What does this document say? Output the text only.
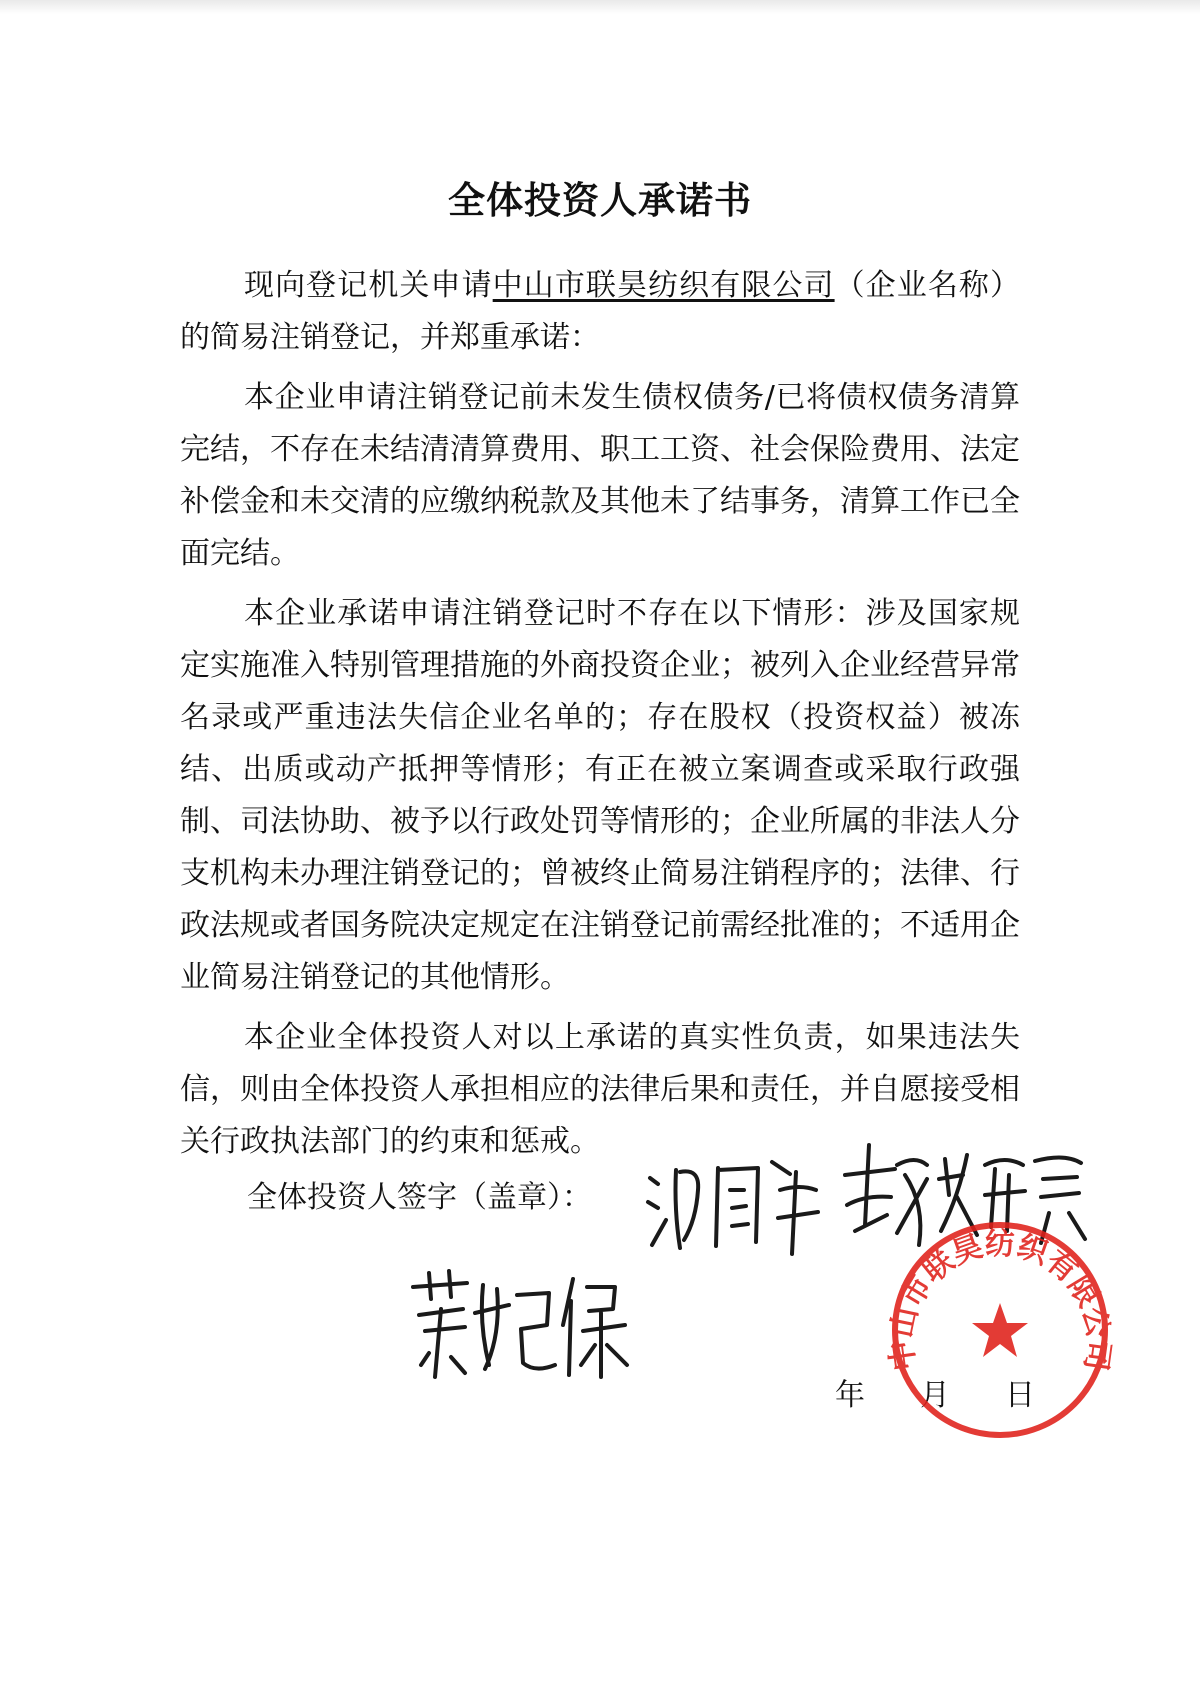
全体投资人承诺书

现向登记机关申请中山市联昊纺织有限公司（企业名称）的简易注销登记，并郑重承诺：

本企业申请注销登记前未发生债权债务/已将债权债务清算完结，不存在未结清清算费用、职工工资、社会保险费用、法定补偿金和未交清的应缴纳税款及其他未了结事务，清算工作已全面完结。

本企业承诺申请注销登记时不存在以下情形：涉及国家规定实施准入特别管理措施的外商投资企业；被列入企业经营异常名录或严重违法失信企业名单的；存在股权（投资权益）被冻结、出质或动产抵押等情形；有正在被立案调查或采取行政强制、司法协助、被予以行政处罚等情形的；企业所属的非法人分支机构未办理注销登记的；曾被终止简易注销程序的；法律、行政法规或者国务院决定规定在注销登记前需经批准的；不适用企业简易注销登记的其他情形。

本企业全体投资人对以上承诺的真实性负责，如果违法失信，则由全体投资人承担相应的法律后果和责任，并自愿接受相关行政执法部门的约束和惩戒。

全体投资人签字（盖章）：
年 月 日
中山市联昊纺织有限公司
